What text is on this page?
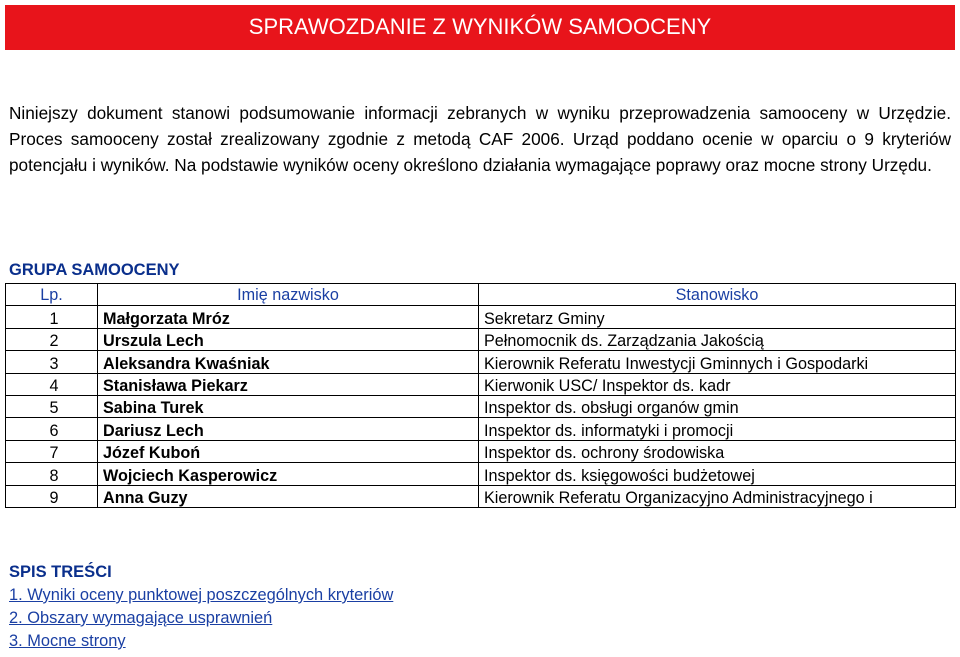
SPRAWOZDANIE Z WYNIKÓW SAMOOCENY

Niniejszy dokument stanowi podsumowanie informacji zebranych w wyniku przeprowadzenia samooceny w Urzędzie. Proces samooceny został zrealizowany zgodnie z metodą CAF 2006. Urząd poddano ocenie w oparciu o 9 kryteriów potencjału i wyników. Na podstawie wyników oceny określono działania wymagające poprawy oraz mocne strony Urzędu.

GRUPA SAMOOCENY
Lp.	Imię nazwisko	Stanowisko
1	Małgorzata Mróz	Sekretarz Gminy
2	Urszula Lech	Pełnomocnik ds. Zarządzania Jakością
3	Aleksandra Kwaśniak	Kierownik Referatu Inwestycji Gminnych i Gospodarki
4	Stanisława Piekarz	Kierwonik USC/ Inspektor ds. kadr
5	Sabina Turek	Inspektor ds. obsługi organów gmin
6	Dariusz Lech	Inspektor ds. informatyki i promocji
7	Józef Kuboń	Inspektor ds. ochrony środowiska
8	Wojciech Kasperowicz	Inspektor ds. księgowości budżetowej
9	Anna Guzy	Kierownik Referatu Organizacyjno Administracyjnego i
SPIS TREŚCI
1. Wyniki oceny punktowej poszczególnych kryteriów
2. Obszary wymagające usprawnień
3. Mocne strony
